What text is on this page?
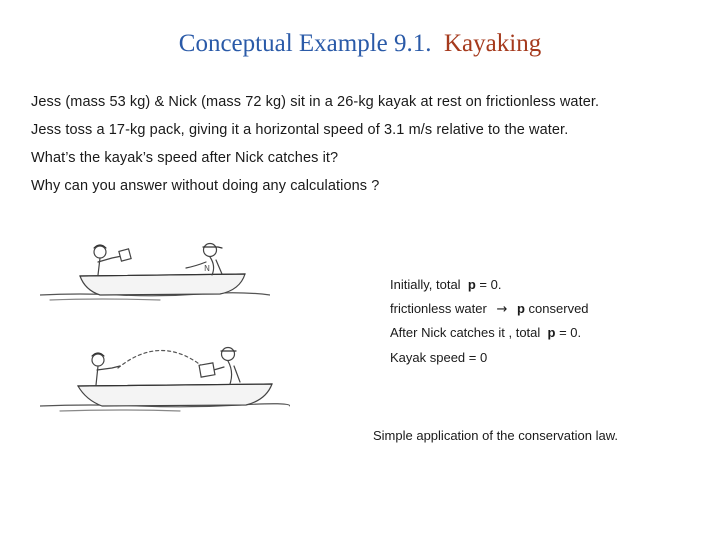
Conceptual Example 9.1. Kayaking
Jess (mass 53 kg) & Nick (mass 72 kg) sit in a 26-kg kayak at rest on frictionless water.
Jess toss a 17-kg pack, giving it a horizontal speed of 3.1 m/s relative to the water.
What’s the kayak’s speed after Nick catches it?
Why can you answer without doing any calculations ?
N
Initially, total p = 0.
frictionless water → p conserved
After Nick catches it , total p = 0.
Kayak speed = 0
Simple application of the conservation law.
